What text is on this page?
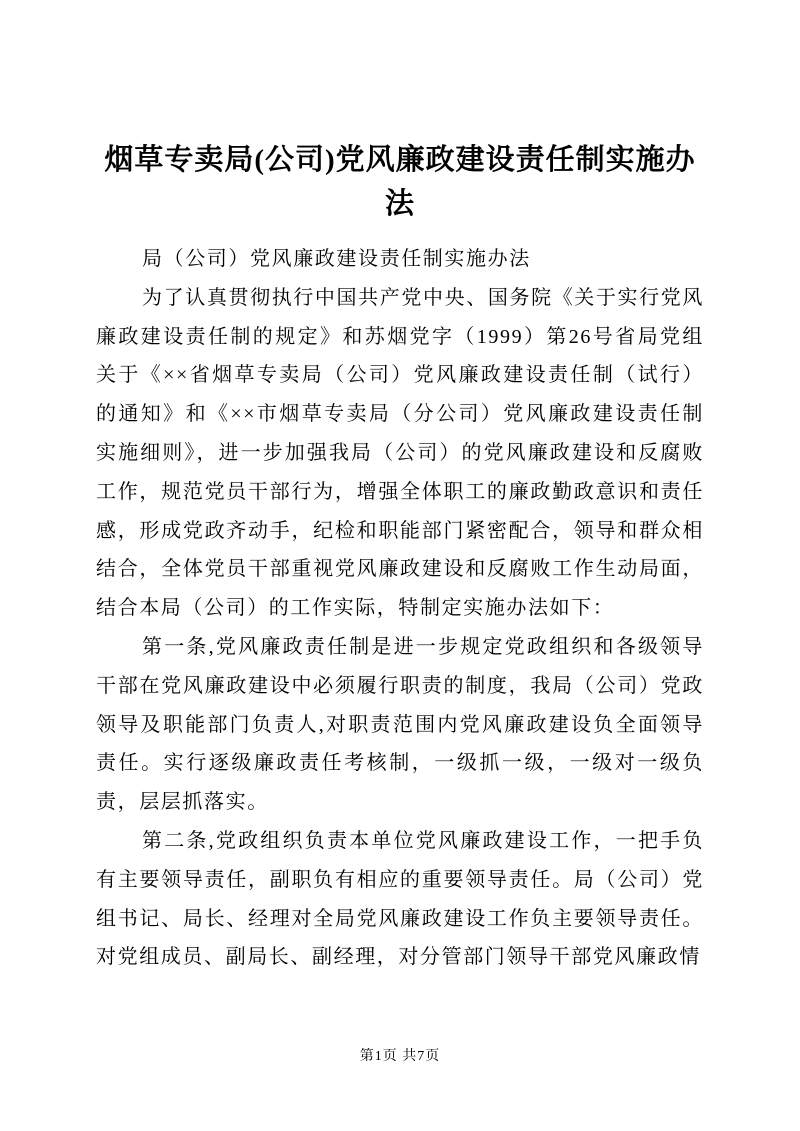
烟草专卖局(公司)党风廉政建设责任制实施办法

局（公司）党风廉政建设责任制实施办法

为了认真贯彻执行中国共产党中央、国务院《关于实行党风廉政建设责任制的规定》和苏烟党字（1999）第26号省局党组关于《××省烟草专卖局（公司）党风廉政建设责任制（试行）的通知》和《××市烟草专卖局（分公司）党风廉政建设责任制实施细则》，进一步加强我局（公司）的党风廉政建设和反腐败工作，规范党员干部行为，增强全体职工的廉政勤政意识和责任感，形成党政齐动手，纪检和职能部门紧密配合，领导和群众相结合，全体党员干部重视党风廉政建设和反腐败工作生动局面，结合本局（公司）的工作实际，特制定实施办法如下：

第一条,党风廉政责任制是进一步规定党政组织和各级领导干部在党风廉政建设中必须履行职责的制度，我局（公司）党政领导及职能部门负责人,对职责范围内党风廉政建设负全面领导责任。实行逐级廉政责任考核制，一级抓一级，一级对一级负责，层层抓落实。

第二条,党政组织负责本单位党风廉政建设工作，一把手负有主要领导责任，副职负有相应的重要领导责任。局（公司）党组书记、局长、经理对全局党风廉政建设工作负主要领导责任。对党组成员、副局长、副经理，对分管部门领导干部党风廉政情

第1页 共7页
